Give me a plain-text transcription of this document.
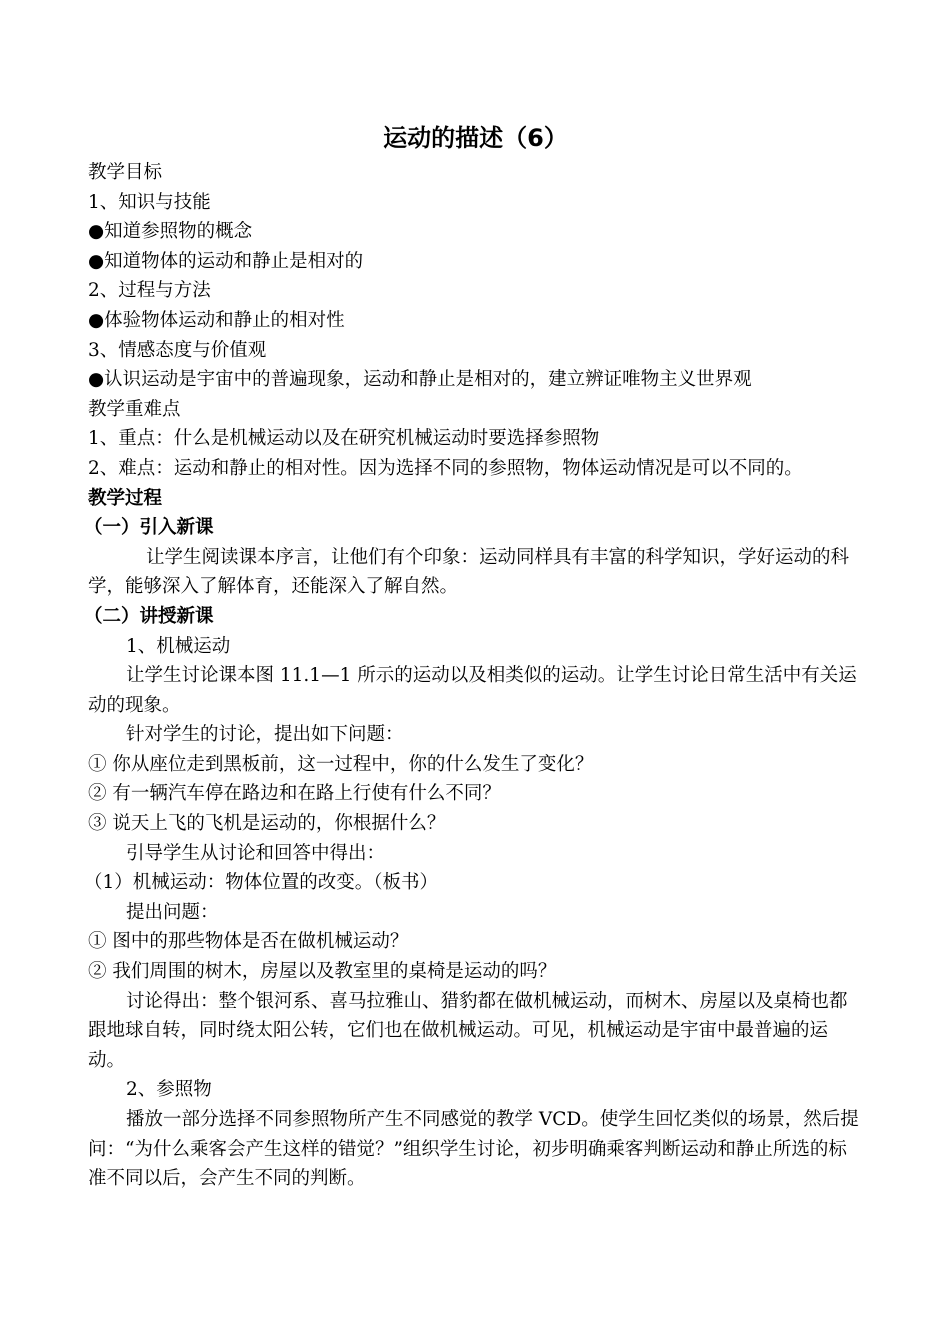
运动的描述（6）

教学目标

1、知识与技能

●知道参照物的概念

●知道物体的运动和静止是相对的

2、过程与方法

●体验物体运动和静止的相对性

3、情感态度与价值观

●认识运动是宇宙中的普遍现象，运动和静止是相对的，建立辨证唯物主义世界观

教学重难点

1、重点：什么是机械运动以及在研究机械运动时要选择参照物

2、难点：运动和静止的相对性。因为选择不同的参照物，物体运动情况是可以不同的。

教学过程

（一）引入新课

让学生阅读课本序言，让他们有个印象：运动同样具有丰富的科学知识，学好运动的科学，能够深入了解体育，还能深入了解自然。

（二）讲授新课

1、机械运动

让学生讨论课本图 11.1—1 所示的运动以及相类似的运动。让学生讨论日常生活中有关运动的现象。

针对学生的讨论，提出如下问题：

① 你从座位走到黑板前，这一过程中，你的什么发生了变化？

② 有一辆汽车停在路边和在路上行使有什么不同？

③ 说天上飞的飞机是运动的，你根据什么？

引导学生从讨论和回答中得出：

（1）机械运动：物体位置的改变。（板书）

提出问题：

① 图中的那些物体是否在做机械运动？

② 我们周围的树木，房屋以及教室里的桌椅是运动的吗？

讨论得出：整个银河系、喜马拉雅山、猎豹都在做机械运动，而树木、房屋以及桌椅也都跟地球自转，同时绕太阳公转，它们也在做机械运动。可见，机械运动是宇宙中最普遍的运动。

2、参照物

播放一部分选择不同参照物所产生不同感觉的教学 VCD。使学生回忆类似的场景，然后提问：“为什么乘客会产生这样的错觉？”组织学生讨论，初步明确乘客判断运动和静止所选的标准不同以后，会产生不同的判断。
